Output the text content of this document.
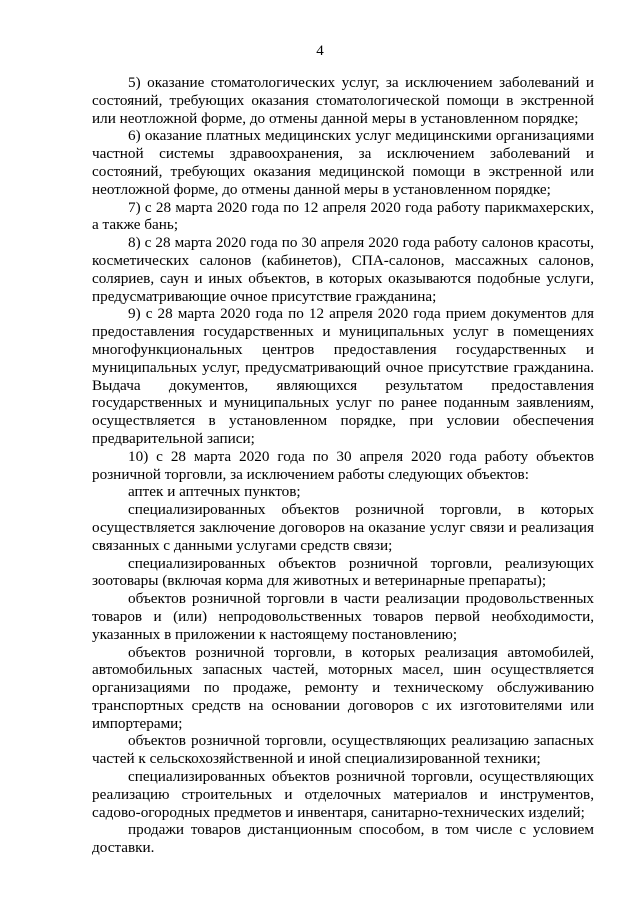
4

5) оказание стоматологических услуг, за исключением заболеваний и состояний, требующих оказания стоматологической помощи в экстренной или неотложной форме, до отмены данной меры в установленном порядке;

6) оказание платных медицинских услуг медицинскими организациями частной системы здравоохранения, за исключением заболеваний и состояний, требующих оказания медицинской помощи в экстренной или неотложной форме, до отмены данной меры в установленном порядке;

7) с 28 марта 2020 года по 12 апреля 2020 года работу парикмахерских, а также бань;

8) с 28 марта 2020 года по 30 апреля 2020 года работу салонов красоты, косметических салонов (кабинетов), СПА-салонов, массажных салонов, соляриев, саун и иных объектов, в которых оказываются подобные услуги, предусматривающие очное присутствие гражданина;

9) с 28 марта 2020 года по 12 апреля 2020 года прием документов для предоставления государственных и муниципальных услуг в помещениях многофункциональных центров предоставления государственных и муниципальных услуг, предусматривающий очное присутствие гражданина. Выдача документов, являющихся результатом предоставления государственных и муниципальных услуг по ранее поданным заявлениям, осуществляется в установленном порядке, при условии обеспечения предварительной записи;

10) с 28 марта 2020 года по 30 апреля 2020 года работу объектов розничной торговли, за исключением работы следующих объектов:

аптек и аптечных пунктов;

специализированных объектов розничной торговли, в которых осуществляется заключение договоров на оказание услуг связи и реализация связанных с данными услугами средств связи;

специализированных объектов розничной торговли, реализующих зоотовары (включая корма для животных и ветеринарные препараты);

объектов розничной торговли в части реализации продовольственных товаров и (или) непродовольственных товаров первой необходимости, указанных в приложении к настоящему постановлению;

объектов розничной торговли, в которых реализация автомобилей, автомобильных запасных частей, моторных масел, шин осуществляется организациями по продаже, ремонту и техническому обслуживанию транспортных средств на основании договоров с их изготовителями или импортерами;

объектов розничной торговли, осуществляющих реализацию запасных частей к сельскохозяйственной и иной специализированной техники;

специализированных объектов розничной торговли, осуществляющих реализацию строительных и отделочных материалов и инструментов, садово-огородных предметов и инвентаря, санитарно-технических изделий;

продажи товаров дистанционным способом, в том числе с условием доставки.
